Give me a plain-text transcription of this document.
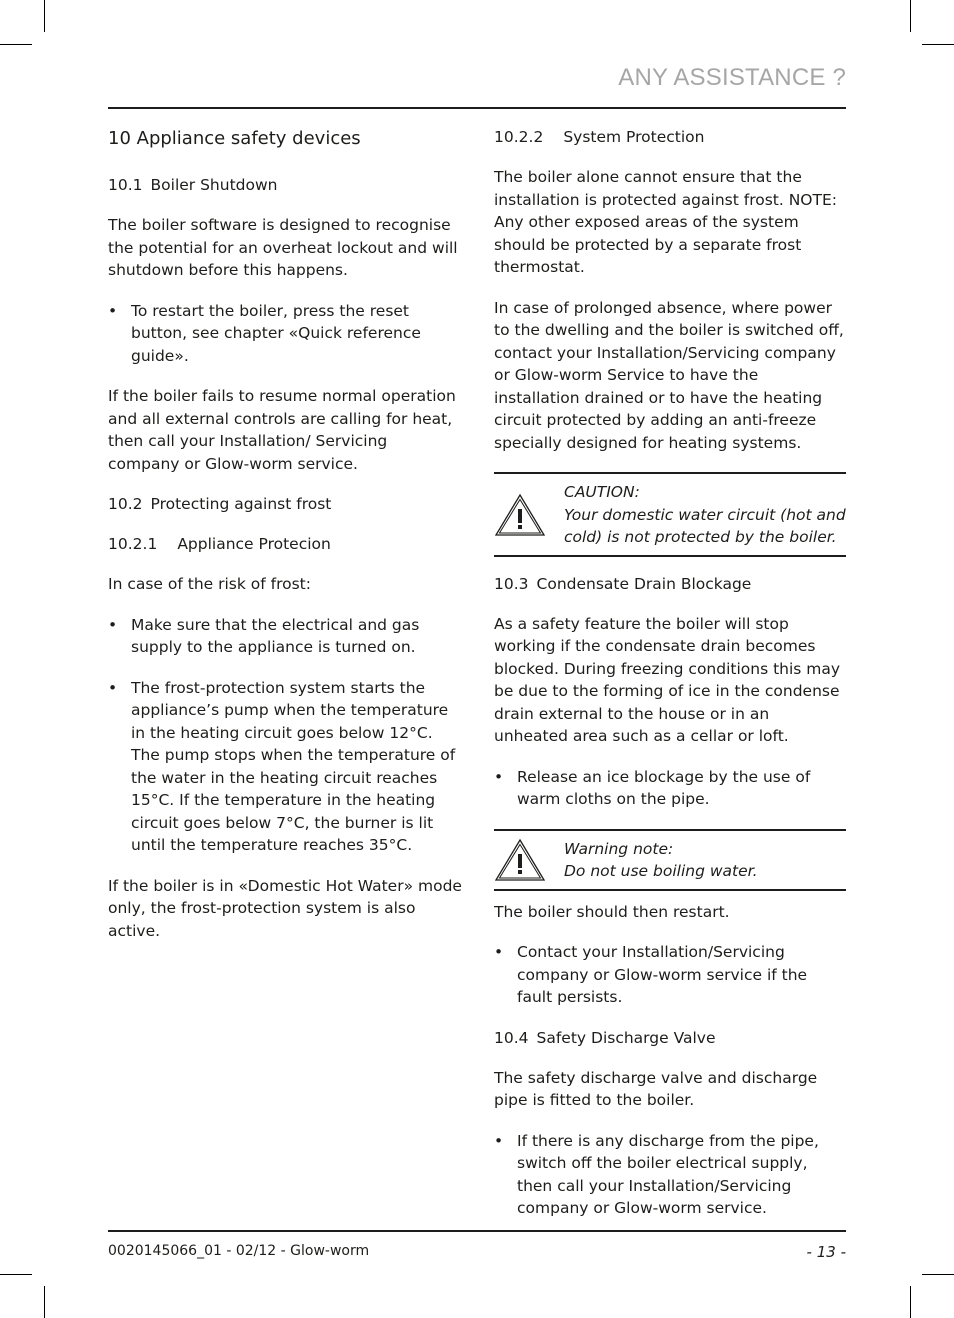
ANY ASSISTANCE ?
10 Appliance safety devices
10.1 Boiler Shutdown

The boiler software is designed to recognise the potential for an overheat lockout and will shutdown before this happens.

• To restart the boiler, press the reset button, see chapter «Quick reference guide».

If the boiler fails to resume normal operation and all external controls are calling for heat, then call your Installation/ Servicing company or Glow-worm service.

10.2 Protecting against frost
10.2.1 Appliance Protecion

In case of the risk of frost:

• Make sure that the electrical and gas supply to the appliance is turned on.
• The frost-protection system starts the appliance’s pump when the temperature in the heating circuit goes below 12°C. The pump stops when the temperature of the water in the heating circuit reaches 15°C. If the temperature in the heating circuit goes below 7°C, the burner is lit until the temperature reaches 35°C.

If the boiler is in «Domestic Hot Water» mode only, the frost-protection system is also active.

10.2.2 System Protection

The boiler alone cannot ensure that the installation is protected against frost. NOTE: Any other exposed areas of the system should be protected by a separate frost thermostat.

In case of prolonged absence, where power to the dwelling and the boiler is switched off, contact your Installation/Servicing company or Glow-worm Service to have the installation drained or to have the heating circuit protected by adding an anti-freeze specially designed for heating systems.

CAUTION:
Your domestic water circuit (hot and cold) is not protected by the boiler.
10.3 Condensate Drain Blockage

As a safety feature the boiler will stop working if the condensate drain becomes blocked. During freezing conditions this may be due to the forming of ice in the condense drain external to the house or in an unheated area such as a cellar or loft.

• Release an ice blockage by the use of warm cloths on the pipe.
Warning note:
Do not use boiling water.

The boiler should then restart.

• Contact your Installation/Servicing company or Glow-worm service if the fault persists.
10.4 Safety Discharge Valve

The safety discharge valve and discharge pipe is fitted to the boiler.

• If there is any discharge from the pipe, switch off the boiler electrical supply, then call your Installation/Servicing company or Glow-worm service.
0020145066_01 - 02/12 - Glow-worm	- 13 -
